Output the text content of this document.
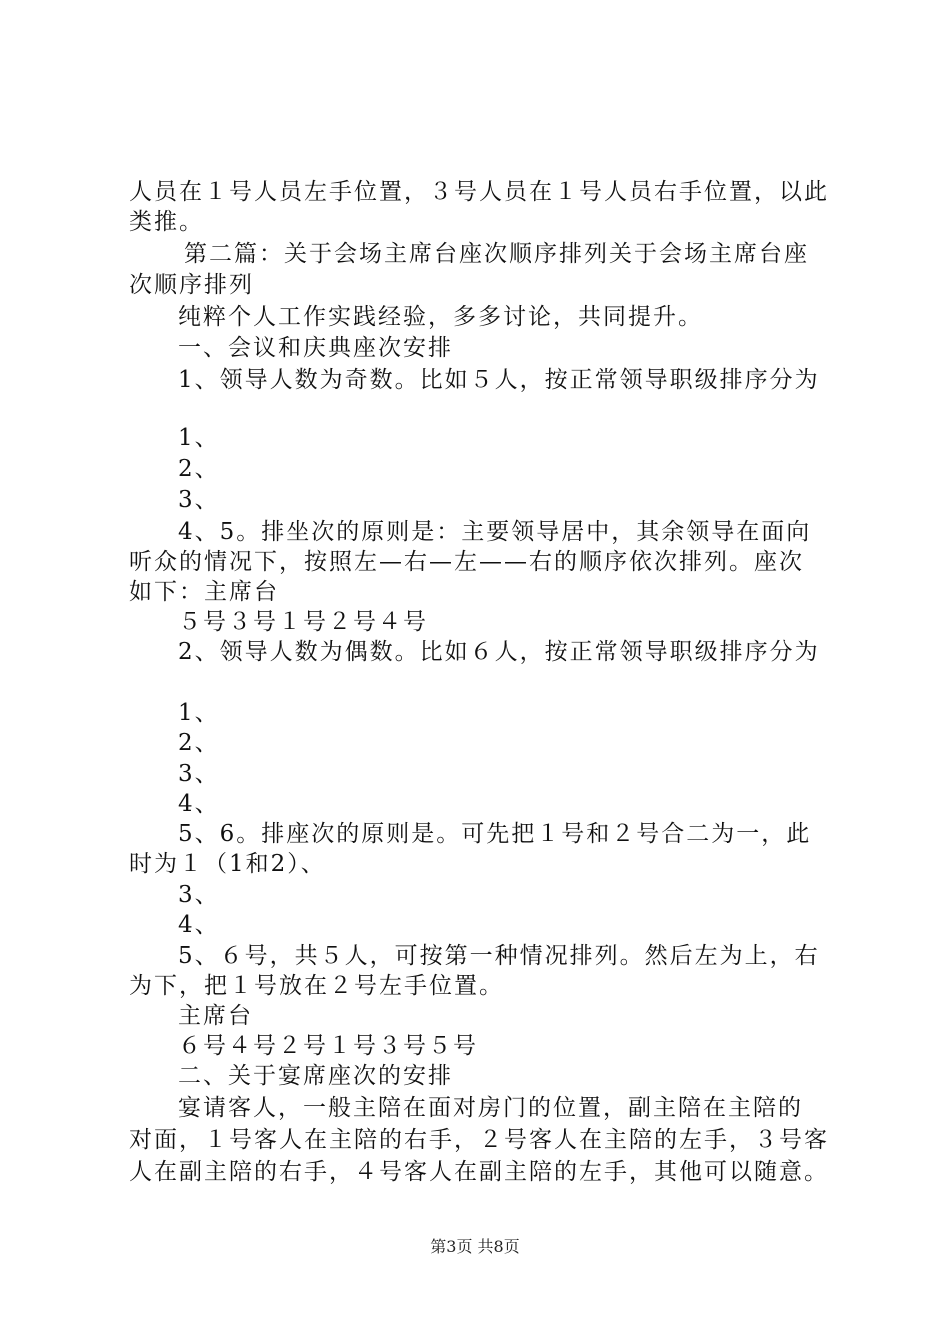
人员在１号人员左手位置，３号人员在１号人员右手位置，以此
类推。
第二篇：关于会场主席台座次顺序排列关于会场主席台座
次顺序排列
纯粹个人工作实践经验，多多讨论，共同提升。
一、会议和庆典座次安排
1、领导人数为奇数。比如５人，按正常领导职级排序分为
1、
2、
3、
4、5。排坐次的原则是：主要领导居中，其余领导在面向
听众的情况下，按照左—右—左——右的顺序依次排列。座次
如下：主席台
５号３号１号２号４号
2、领导人数为偶数。比如６人，按正常领导职级排序分为
1、
2、
3、
4、
5、6。排座次的原则是。可先把１号和２号合二为一，此
时为１（1和2）、
3、
4、
5、６号，共５人，可按第一种情况排列。然后左为上，右
为下，把１号放在２号左手位置。
主席台
６号４号２号１号３号５号
二、关于宴席座次的安排
宴请客人，一般主陪在面对房门的位置，副主陪在主陪的
对面，１号客人在主陪的右手，２号客人在主陪的左手，３号客
人在副主陪的右手，４号客人在副主陪的左手，其他可以随意。
第3页 共8页
